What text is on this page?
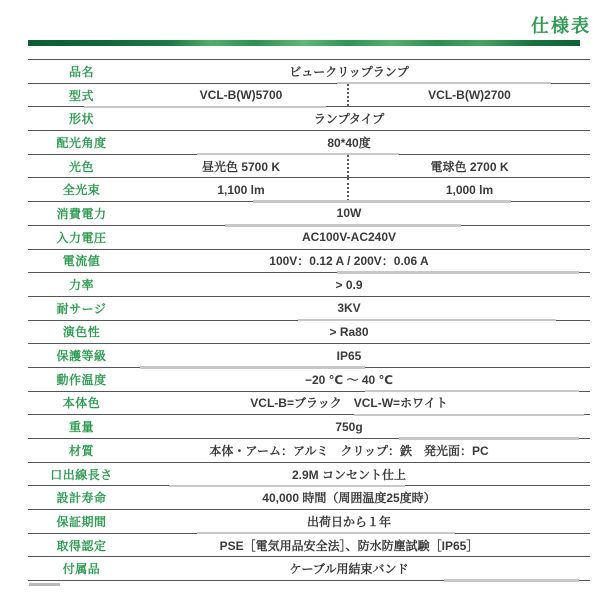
仕様表
品名	ビュークリップランプ
型式	VCL-B(W)5700	VCL-B(W)2700
形状	ランプタイプ
配光角度	80*40度
光色	昼光色 5700 K	電球色 2700 K
全光束	1,100 lm	1,000 lm
消費電力	10W
入力電圧	AC100V-AC240V
電流値	100V：0.12 A / 200V：0.06 A
力率	> 0.9
耐サージ	3KV
演色性	> Ra80
保護等級	IP65
動作温度	−20 ℃ ～ 40 ℃
本体色	VCL-B=ブラック　VCL-W=ホワイト
重量	750g
材質	本体・アーム：アルミ　クリップ：鉄　発光面：PC
口出線長さ	2.9M コンセント仕上
設計寿命	40,000 時間（周囲温度25度時）
保証期間	出荷日から１年
取得認定	PSE［電気用品安全法］、防水防塵試験［IP65］
付属品	ケーブル用結束バンド
